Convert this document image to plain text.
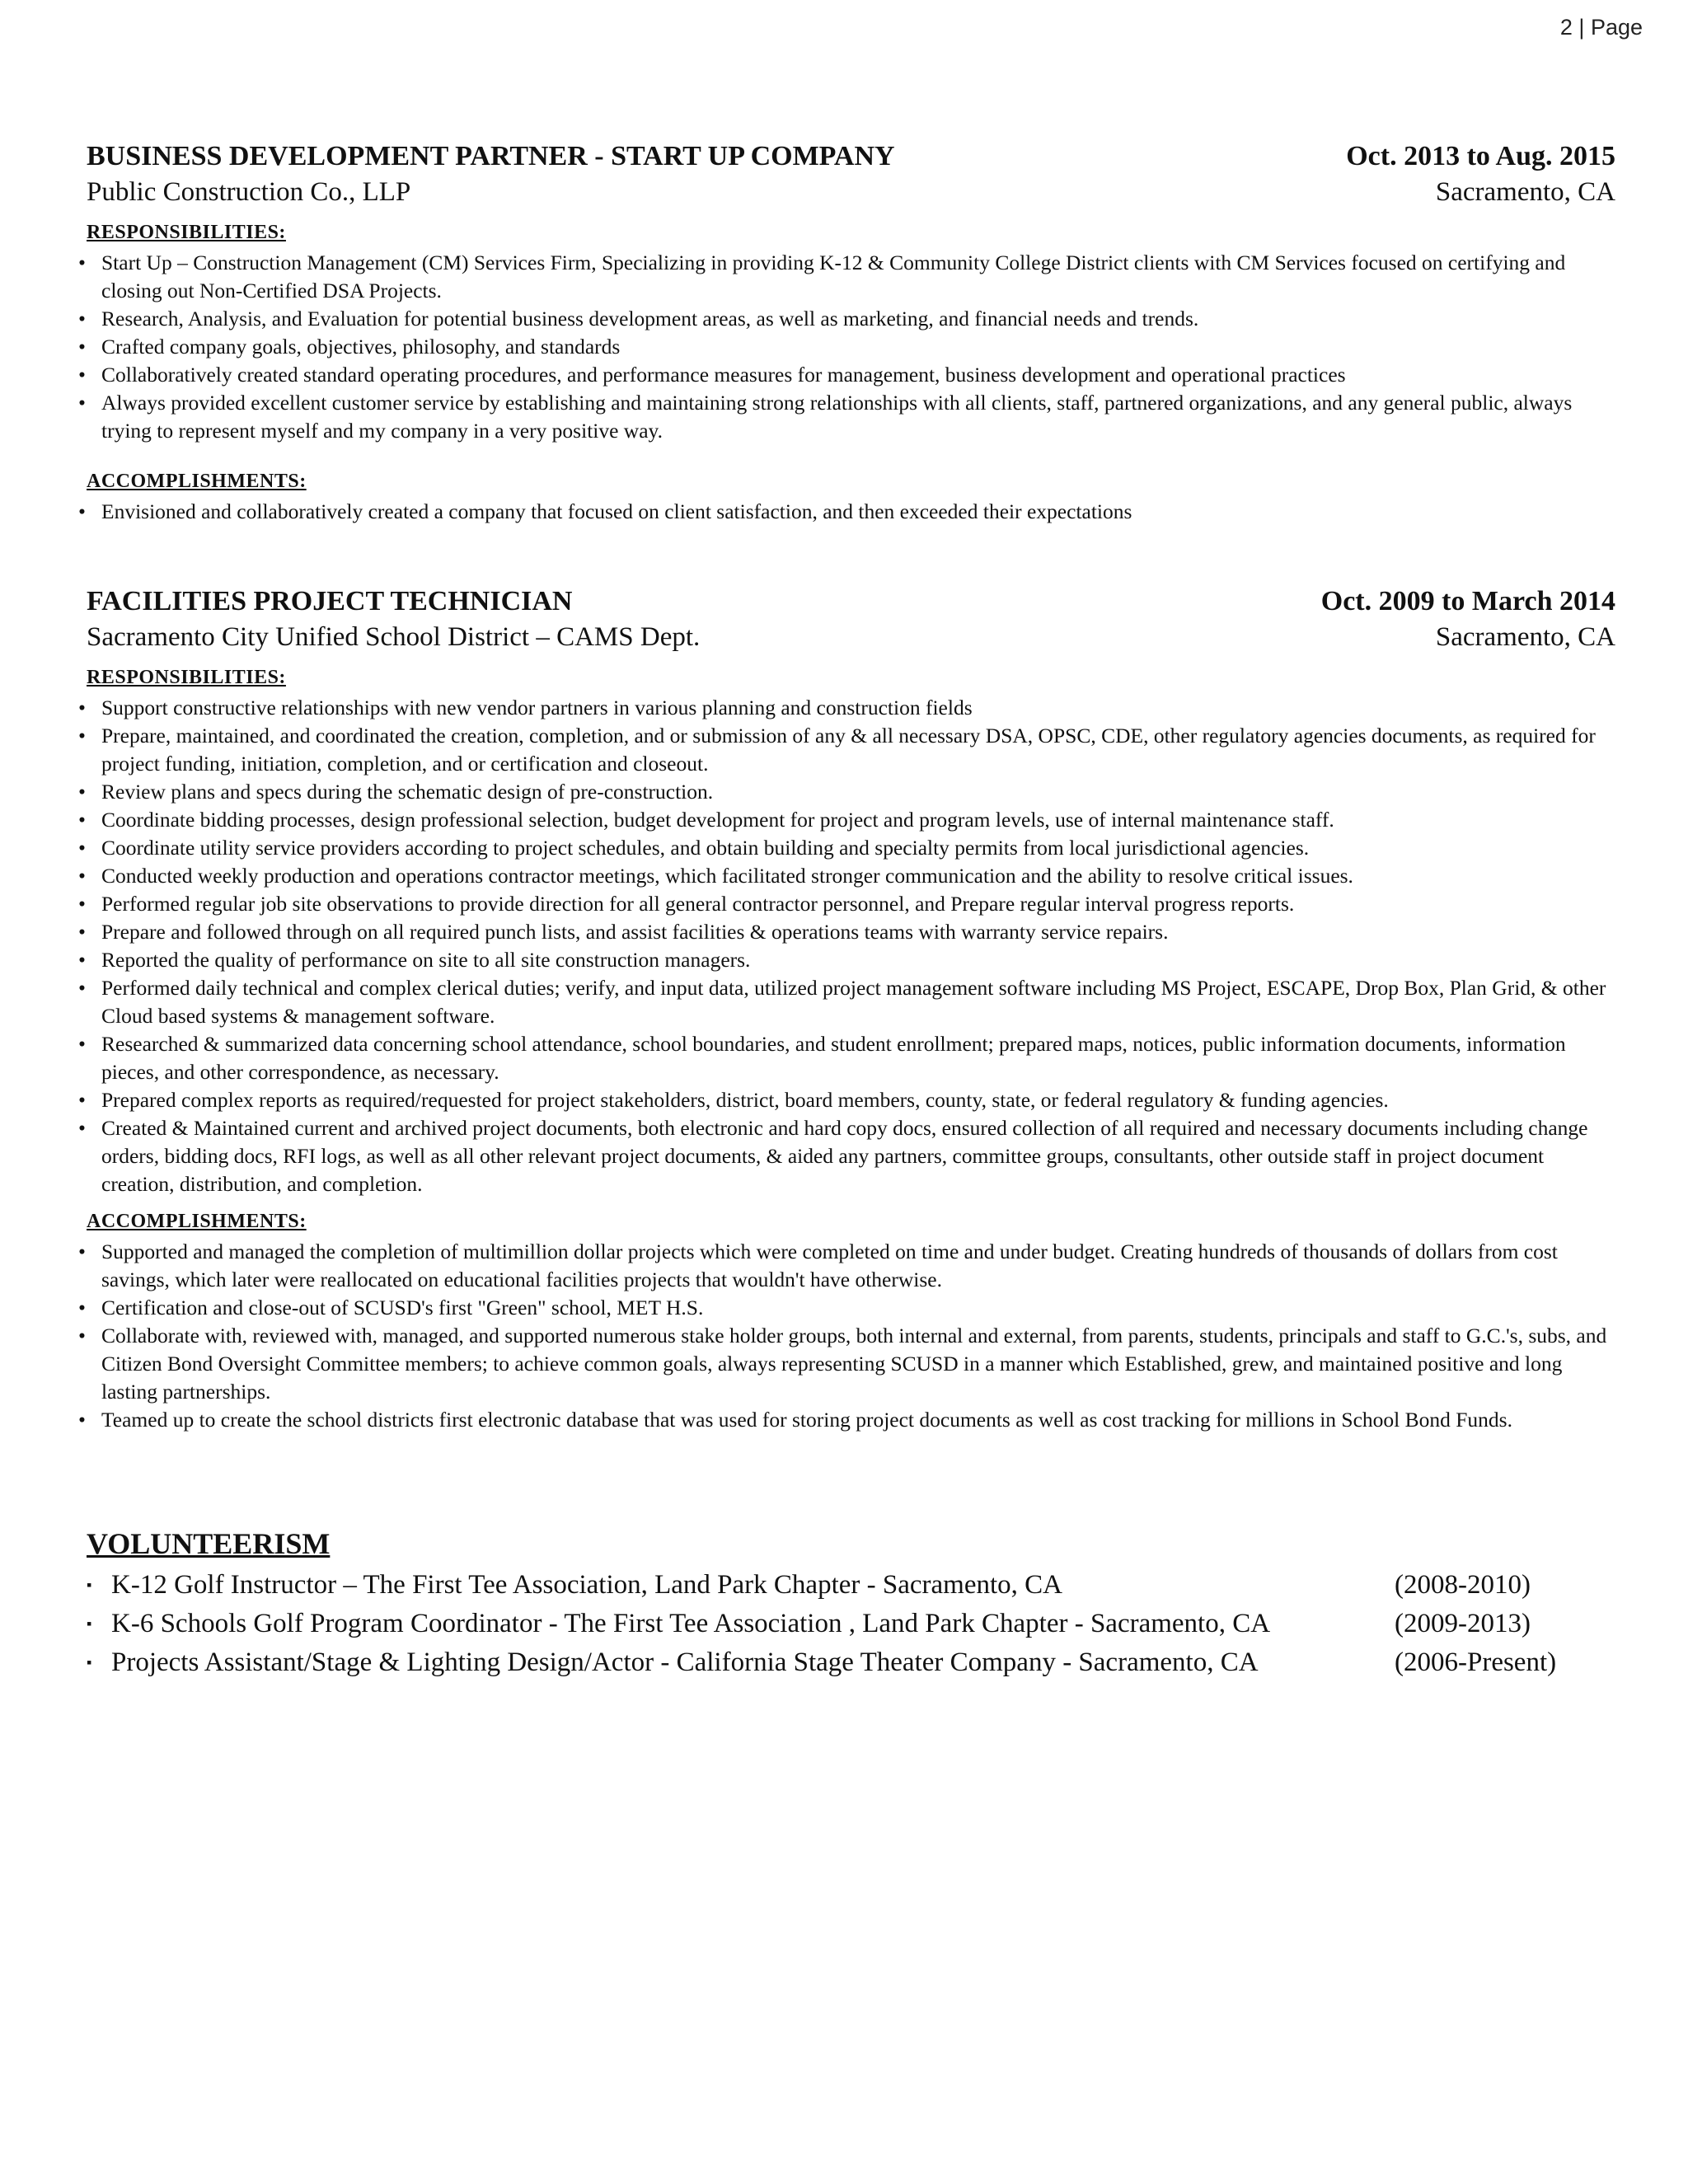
2 | Page
BUSINESS DEVELOPMENT PARTNER - START UP COMPANY	Oct. 2013 to Aug. 2015
Public Construction Co., LLP	Sacramento, CA
RESPONSIBILITIES:
• Start Up – Construction Management (CM) Services Firm, Specializing in providing K-12 & Community College District clients with CM Services focused on certifying and closing out Non-Certified DSA Projects.
• Research, Analysis, and Evaluation for potential business development areas, as well as marketing, and financial needs and trends.
• Crafted company goals, objectives, philosophy, and standards
• Collaboratively created standard operating procedures, and performance measures for management, business development and operational practices
• Always provided excellent customer service by establishing and maintaining strong relationships with all clients, staff, partnered organizations, and any general public, always trying to represent myself and my company in a very positive way.
ACCOMPLISHMENTS:
• Envisioned and collaboratively created a company that focused on client satisfaction, and then exceeded their expectations
FACILITIES PROJECT TECHNICIAN	Oct. 2009 to March 2014
Sacramento City Unified School District – CAMS Dept.	Sacramento, CA
RESPONSIBILITIES:
• Support constructive relationships with new vendor partners in various planning and construction fields
• Prepare, maintained, and coordinated the creation, completion, and or submission of any & all necessary DSA, OPSC, CDE, other regulatory agencies documents, as required for project funding, initiation, completion, and or certification and closeout.
• Review plans and specs during the schematic design of pre-construction.
• Coordinate bidding processes, design professional selection, budget development for project and program levels, use of internal maintenance staff.
• Coordinate utility service providers according to project schedules, and obtain building and specialty permits from local jurisdictional agencies.
• Conducted weekly production and operations contractor meetings, which facilitated stronger communication and the ability to resolve critical issues.
• Performed regular job site observations to provide direction for all general contractor personnel, and Prepare regular interval progress reports.
• Prepare and followed through on all required punch lists, and assist facilities & operations teams with warranty service repairs.
• Reported the quality of performance on site to all site construction managers.
• Performed daily technical and complex clerical duties; verify, and input data, utilized project management software including MS Project, ESCAPE, Drop Box, Plan Grid, & other Cloud based systems & management software.
• Researched & summarized data concerning school attendance, school boundaries, and student enrollment; prepared maps, notices, public information documents, information pieces, and other correspondence, as necessary.
• Prepared complex reports as required/requested for project stakeholders, district, board members, county, state, or federal regulatory & funding agencies.
• Created & Maintained current and archived project documents, both electronic and hard copy docs, ensured collection of all required and necessary documents including change orders, bidding docs, RFI logs, as well as all other relevant project documents, & aided any partners, committee groups, consultants, other outside staff in project document creation, distribution, and completion.
ACCOMPLISHMENTS:
• Supported and managed the completion of multimillion dollar projects which were completed on time and under budget. Creating hundreds of thousands of dollars from cost savings, which later were reallocated on educational facilities projects that wouldn't have otherwise.
• Certification and close-out of SCUSD's first "Green" school, MET H.S.
• Collaborate with, reviewed with, managed, and supported numerous stake holder groups, both internal and external, from parents, students, principals and staff to G.C.'s, subs, and Citizen Bond Oversight Committee members; to achieve common goals, always representing SCUSD in a manner which Established, grew, and maintained positive and long lasting partnerships.
• Teamed up to create the school districts first electronic database that was used for storing project documents as well as cost tracking for millions in School Bond Funds.
VOLUNTEERISM
▪ K-12 Golf Instructor – The First Tee Association, Land Park Chapter - Sacramento, CA	(2008-2010)
▪ K-6 Schools Golf Program Coordinator - The First Tee Association , Land Park Chapter - Sacramento, CA	(2009-2013)
▪ Projects Assistant/Stage & Lighting Design/Actor - California Stage Theater Company - Sacramento, CA	(2006-Present)
